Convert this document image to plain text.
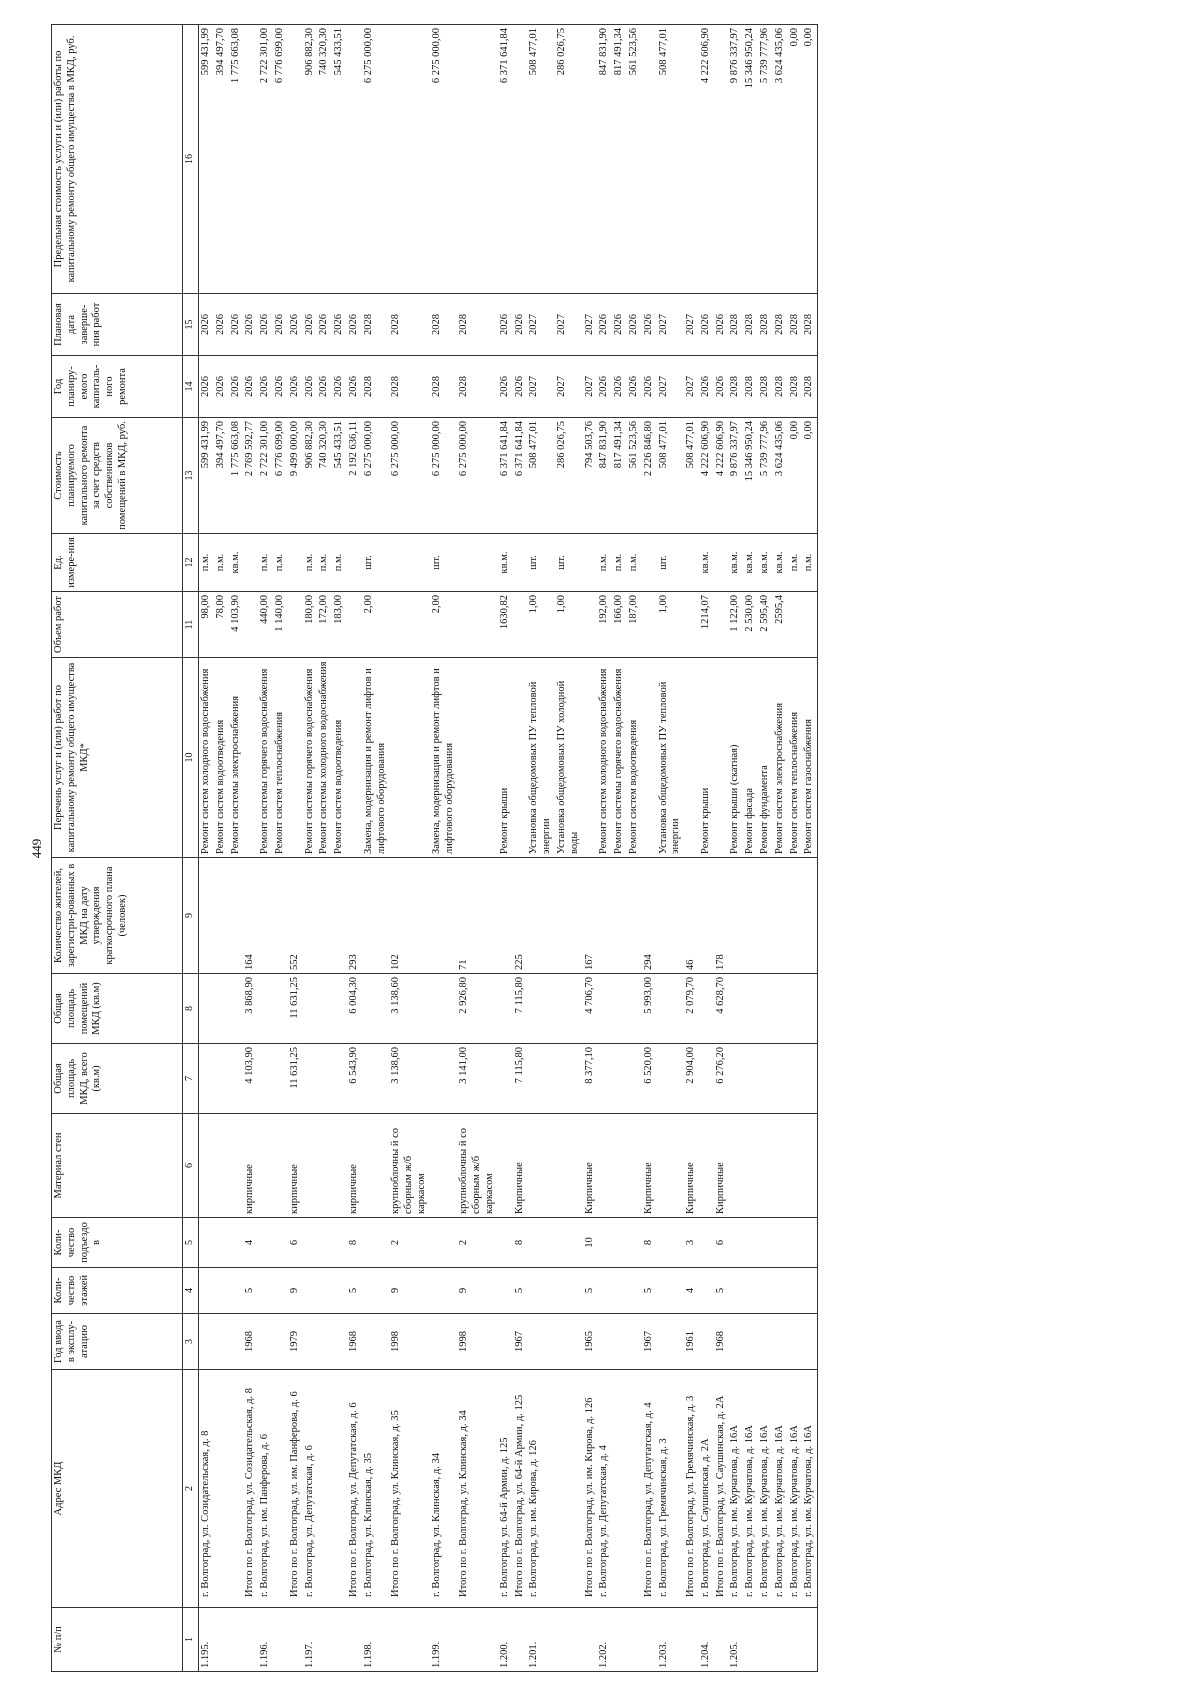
449
№ п/п	Адрес МКД	Год ввода в эксплу-атацию	Коли-чество этажей	Коли-чество подъездо в	Материал стен	Общая площадь МКД, всего (кв.м)	Общая площадь помещений МКД (кв.м)	Количество жителей, зарегистри-рованных в МКД на дату утверждения краткосрочного плана (человек)	Перечень услуг и (или) работ по капитальному ремонту общего имущества МКД*	Объем работ	Ед. измере-ния	Стоимость планируемого капитального ремонта за счет средств собственников помещений в МКД, руб.	Год планиру-емого капиталь-ного ремонта	Плановая дата заверше-ния работ	Предельная стоимость услуги и (или) работы по капитальному ремонту общего имущества в МКД, руб.
1	2	3	4	5	6	7	8	9	10	11	12	13	14	15	16
1.195.	г. Волгоград, ул. Созидательская, д. 8								Ремонт систем холодного водоснабжения	98,00	п.м.	599 431,99	2026	2026	599 431,99
									Ремонт систем водоотведения	78,00	п.м.	394 497,70	2026	2026	394 497,70
									Ремонт системы электроснабжения	4 103,90	кв.м.	1 775 663,08	2026	2026	1 775 663,08
	Итого по г. Волгоград, ул. Созидательская, д. 8	1968	5	4	кирпичные	4 103,90	3 868,90	164				2 769 592,77	2026	2026	
1.196.	г. Волгоград, ул. им. Панферова, д. 6								Ремонт системы горячего водоснабжения	440,00	п.м.	2 722 301,00	2026	2026	2 722 301,00
									Ремонт систем теплоснабжения	1 140,00	п.м.	6 776 699,00	2026	2026	6 776 699,00
	Итого по г. Волгоград, ул. им. Панферова, д. 6	1979	9	6	кирпичные	11 631,25	11 631,25	552				9 499 000,00	2026	2026	
1.197.	г. Волгоград, ул. Депутатская, д. 6								Ремонт системы горячего водоснабжения	180,00	п.м.	906 882,30	2026	2026	906 882,30
									Ремонт системы холодного водоснабжения	172,00	п.м.	740 320,30	2026	2026	740 320,30
									Ремонт систем водоотведения	183,00	п.м.	545 433,51	2026	2026	545 433,51
	Итого по г. Волгоград, ул. Депутатская, д. 6	1968	5	8	кирпичные	6 543,90	6 004,30	293				2 192 636,11	2026	2026	
1.198.	г. Волгоград, ул. Клинская, д. 35								Замена, модернизация и ремонт лифтов и лифтового оборудования	2,00	шт.	6 275 000,00	2028	2028	6 275 000,00
	Итого по г. Волгоград, ул. Клинская, д. 35	1998	9	2	крупноблочны й со сборным ж/б каркасом	3 138,60	3 138,60	102				6 275 000,00	2028	2028	
1.199.	г. Волгоград, ул. Клинская, д. 34								Замена, модернизация и ремонт лифтов и лифтового оборудования	2,00	шт.	6 275 000,00	2028	2028	6 275 000,00
	Итого по г. Волгоград, ул. Клинская, д. 34	1998	9	2	крупноблочны й со сборным ж/б каркасом	3 141,00	2 926,80	71				6 275 000,00	2028	2028	
1.200.	г. Волгоград, ул. 64-й Армии, д. 125								Ремонт крыши	1630,82	кв.м.	6 371 641,84	2026	2026	6 371 641,84
	Итого по г. Волгоград, ул. 64-й Армии, д. 125	1967	5	8	Кирпичные	7 115,80	7 115,80	225				6 371 641,84	2026	2026	
1.201.	г. Волгоград, ул. им. Кирова, д. 126								Установка общедомовых ПУ тепловой энергии	1,00	шт.	508 477,01	2027	2027	508 477,01
									Установка общедомовых ПУ холодной воды	1,00	шт.	286 026,75	2027	2027	286 026,75
	Итого по г. Волгоград, ул. им. Кирова, д. 126	1965	5	10	Кирпичные	8 377,10	4 706,70	167				794 503,76	2027	2027	
1.202.	г. Волгоград, ул. Депутатская, д. 4								Ремонт систем холодного водоснабжения	192,00	п.м.	847 831,90	2026	2026	847 831,90
									Ремонт системы горячего водоснабжения	166,00	п.м.	817 491,34	2026	2026	817 491,34
									Ремонт систем водоотведения	187,00	п.м.	561 523,56	2026	2026	561 523,56
	Итого по г. Волгоград, ул. Депутатская, д. 4	1967	5	8	Кирпичные	6 520,00	5 993,00	294				2 226 846,80	2026	2026	
1.203.	г. Волгоград, ул. Гремячинская, д. 3								Установка общедомовых ПУ тепловой энергии	1,00	шт.	508 477,01	2027	2027	508 477,01
	Итого по г. Волгоград, ул. Гремячинская, д. 3	1961	4	3	Кирпичные	2 904,00	2 079,70	46				508 477,01	2027	2027	
1.204.	г. Волгоград, ул. Саушинская, д. 2А								Ремонт крыши	1214,07	кв.м.	4 222 606,90	2026	2026	4 222 606,90
	Итого по г. Волгоград, ул. Саушинская, д. 2А	1968	5	6	Кирпичные	6 276,20	4 628,70	178				4 222 606,90	2026	2026	
1.205.	г. Волгоград, ул. им. Курчатова, д. 16А								Ремонт крыши (скатная)	1 122,00	кв.м.	9 876 337,97	2028	2028	9 876 337,97
	г. Волгоград, ул. им. Курчатова, д. 16А								Ремонт фасада	2 530,00	кв.м.	15 346 950,24	2028	2028	15 346 950,24
	г. Волгоград, ул. им. Курчатова, д. 16А								Ремонт фундамента	2 595,40	кв.м.	5 739 777,96	2028	2028	5 739 777,96
	г. Волгоград, ул. им. Курчатова, д. 16А								Ремонт систем электроснабжения	2595,4	кв.м.	3 624 435,06	2028	2028	3 624 435,06
	г. Волгоград, ул. им. Курчатова, д. 16А								Ремонт систем теплоснабжения		п.м.	0,00	2028	2028	0,00
	г. Волгоград, ул. им. Курчатова, д. 16А								Ремонт систем газоснабжения		п.м.	0,00	2028	2028	0,00
